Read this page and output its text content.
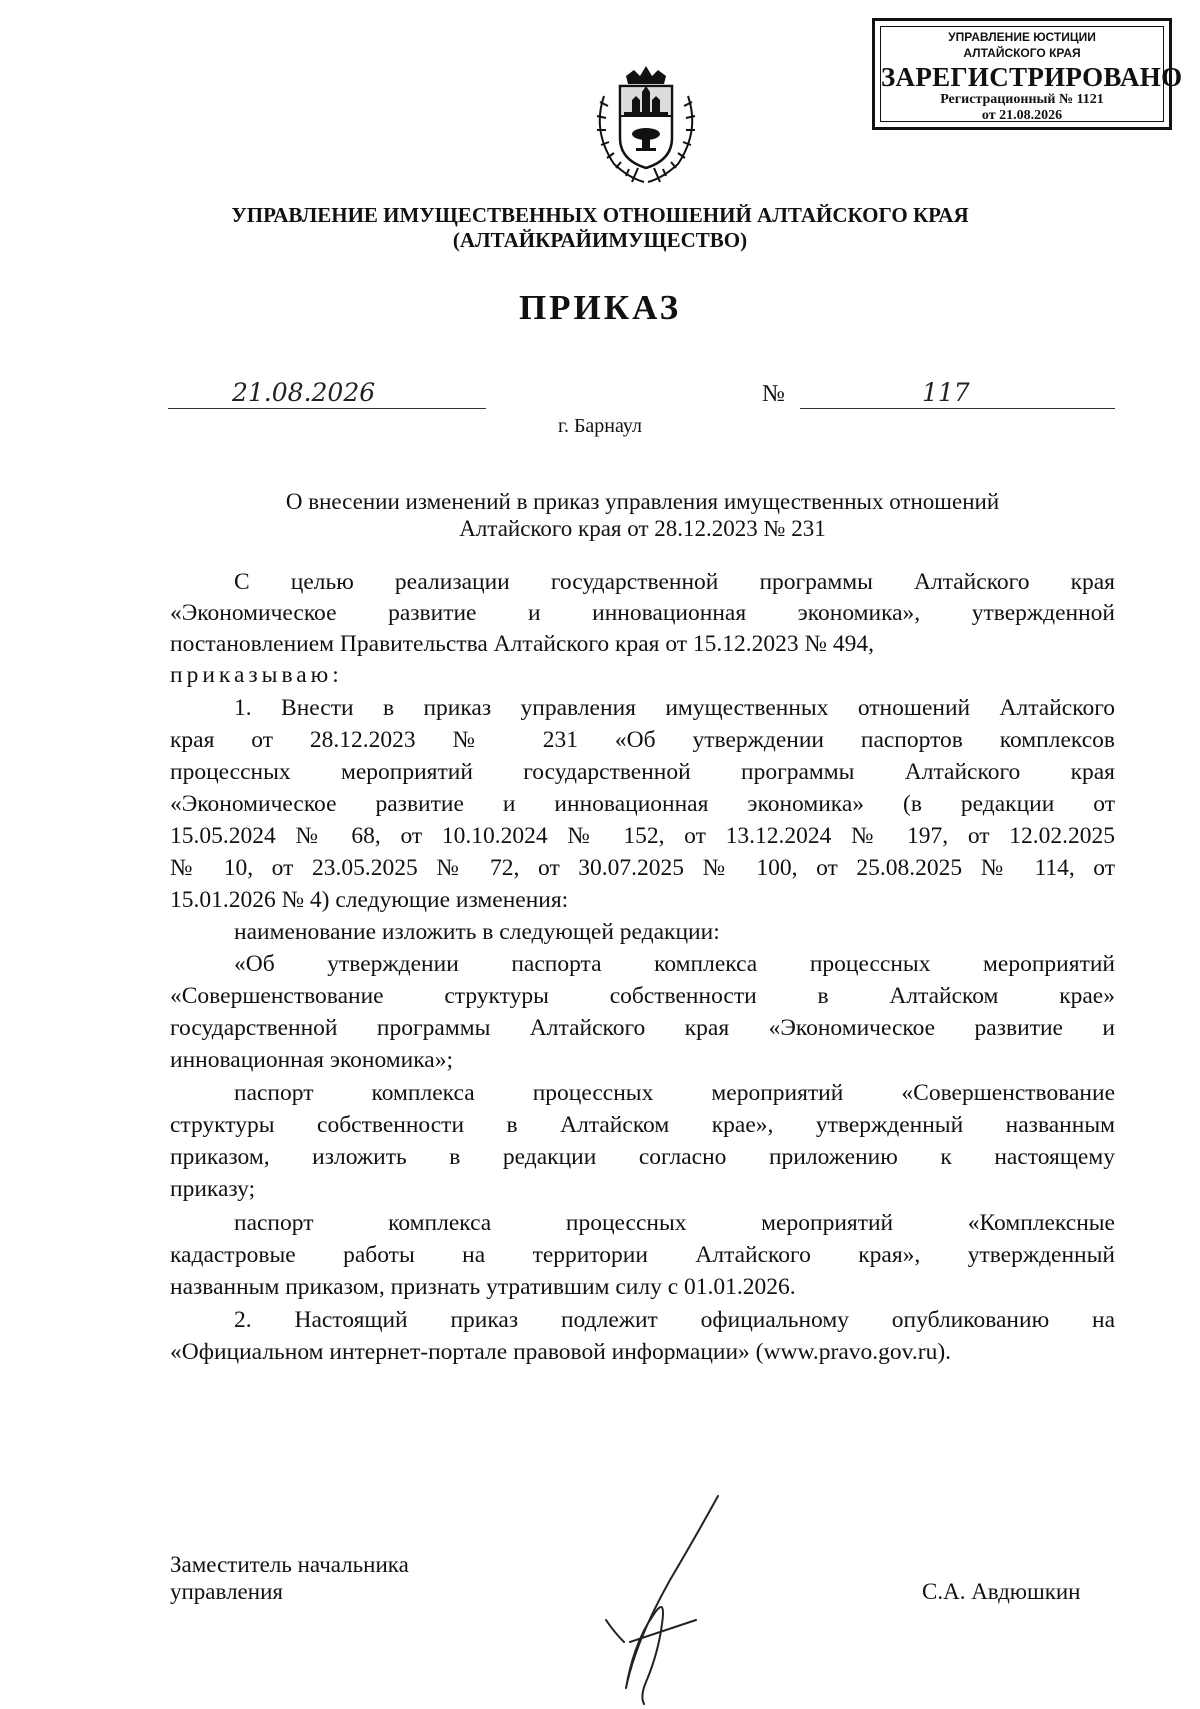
УПРАВЛЕНИЕ ЮСТИЦИИ
АЛТАЙСКОГО КРАЯ
ЗАРЕГИСТРИРОВАНО
Регистрационный № 1121
от 21.08.2026
УПРАВЛЕНИЕ ИМУЩЕСТВЕННЫХ ОТНОШЕНИЙ АЛТАЙСКОГО КРАЯ
(АЛТАЙКРАЙИМУЩЕСТВО)
ПРИКАЗ
21.08.2026	№	117
г. Барнаул
О внесении изменений в приказ управления имущественных отношений
Алтайского края от 28.12.2023 № 231
С целью реализации государственной программы Алтайского края
«Экономическое развитие и инновационная экономика», утвержденной
постановлением Правительства Алтайского края от 15.12.2023 № 494,
приказываю:
1. Внести в приказ управления имущественных отношений Алтайского
края от 28.12.2023 № 231 «Об утверждении паспортов комплексов
процессных мероприятий государственной программы Алтайского края
«Экономическое развитие и инновационная экономика» (в редакции от
15.05.2024 № 68, от 10.10.2024 № 152, от 13.12.2024 № 197, от 12.02.2025
№ 10, от 23.05.2025 № 72, от 30.07.2025 № 100, от 25.08.2025 № 114, от
15.01.2026 № 4) следующие изменения:
наименование изложить в следующей редакции:
«Об утверждении паспорта комплекса процессных мероприятий
«Совершенствование структуры собственности в Алтайском крае»
государственной программы Алтайского края «Экономическое развитие и
инновационная экономика»;
паспорт комплекса процессных мероприятий «Совершенствование
структуры собственности в Алтайском крае», утвержденный названным
приказом, изложить в редакции согласно приложению к настоящему
приказу;
паспорт комплекса процессных мероприятий «Комплексные
кадастровые работы на территории Алтайского края», утвержденный
названным приказом, признать утратившим силу с 01.01.2026.
2. Настоящий приказ подлежит официальному опубликованию на
«Официальном интернет-портале правовой информации» (www.pravo.gov.ru).
Заместитель начальника
управления	С.А. Авдюшкин
